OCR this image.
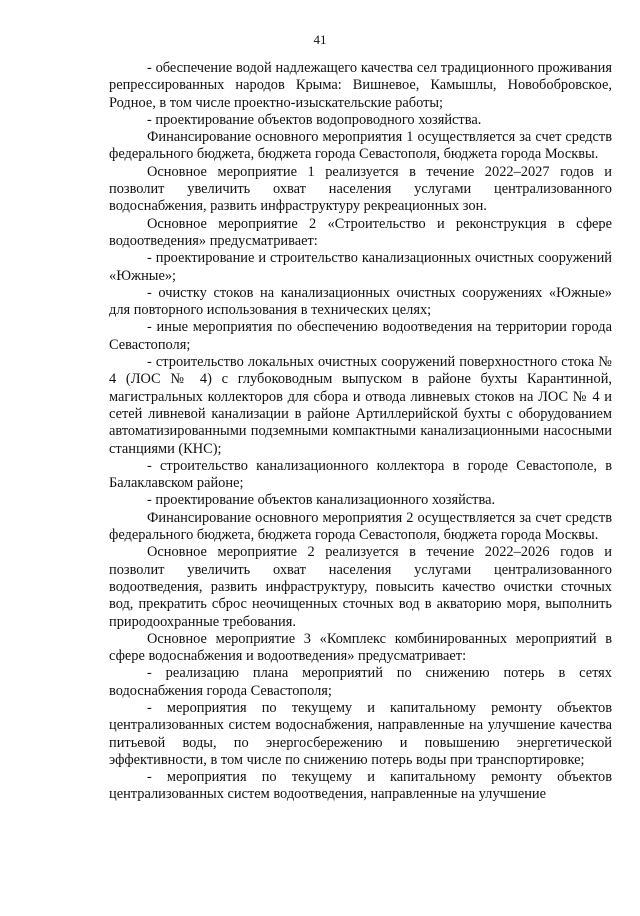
41

- обеспечение водой надлежащего качества сел традиционного проживания репрессированных народов Крыма: Вишневое, Камышлы, Новобобровское, Родное, в том числе проектно-изыскательские работы;

- проектирование объектов водопроводного хозяйства.

Финансирование основного мероприятия 1 осуществляется за счет средств федерального бюджета, бюджета города Севастополя, бюджета города Москвы.

Основное мероприятие 1 реализуется в течение 2022–2027 годов и позволит увеличить охват населения услугами централизованного водоснабжения, развить инфраструктуру рекреационных зон.

Основное мероприятие 2 «Строительство и реконструкция в сфере водоотведения» предусматривает:

- проектирование и строительство канализационных очистных сооружений «Южные»;

- очистку стоков на канализационных очистных сооружениях «Южные» для повторного использования в технических целях;

- иные мероприятия по обеспечению водоотведения на территории города Севастополя;

- строительство локальных очистных сооружений поверхностного стока № 4 (ЛОС № 4) с глубоководным выпуском в районе бухты Карантинной, магистральных коллекторов для сбора и отвода ливневых стоков на ЛОС № 4 и сетей ливневой канализации в районе Артиллерийской бухты с оборудованием автоматизированными подземными компактными канализационными насосными станциями (КНС);

- строительство канализационного коллектора в городе Севастополе, в Балаклавском районе;

- проектирование объектов канализационного хозяйства.

Финансирование основного мероприятия 2 осуществляется за счет средств федерального бюджета, бюджета города Севастополя, бюджета города Москвы.

Основное мероприятие 2 реализуется в течение 2022–2026 годов и позволит увеличить охват населения услугами централизованного водоотведения, развить инфраструктуру, повысить качество очистки сточных вод, прекратить сброс неочищенных сточных вод в акваторию моря, выполнить природоохранные требования.

Основное мероприятие 3 «Комплекс комбинированных мероприятий в сфере водоснабжения и водоотведения» предусматривает:

- реализацию плана мероприятий по снижению потерь в сетях водоснабжения города Севастополя;

- мероприятия по текущему и капитальному ремонту объектов централизованных систем водоснабжения, направленные на улучшение качества питьевой воды, по энергосбережению и повышению энергетической эффективности, в том числе по снижению потерь воды при транспортировке;

- мероприятия по текущему и капитальному ремонту объектов централизованных систем водоотведения, направленные на улучшение
